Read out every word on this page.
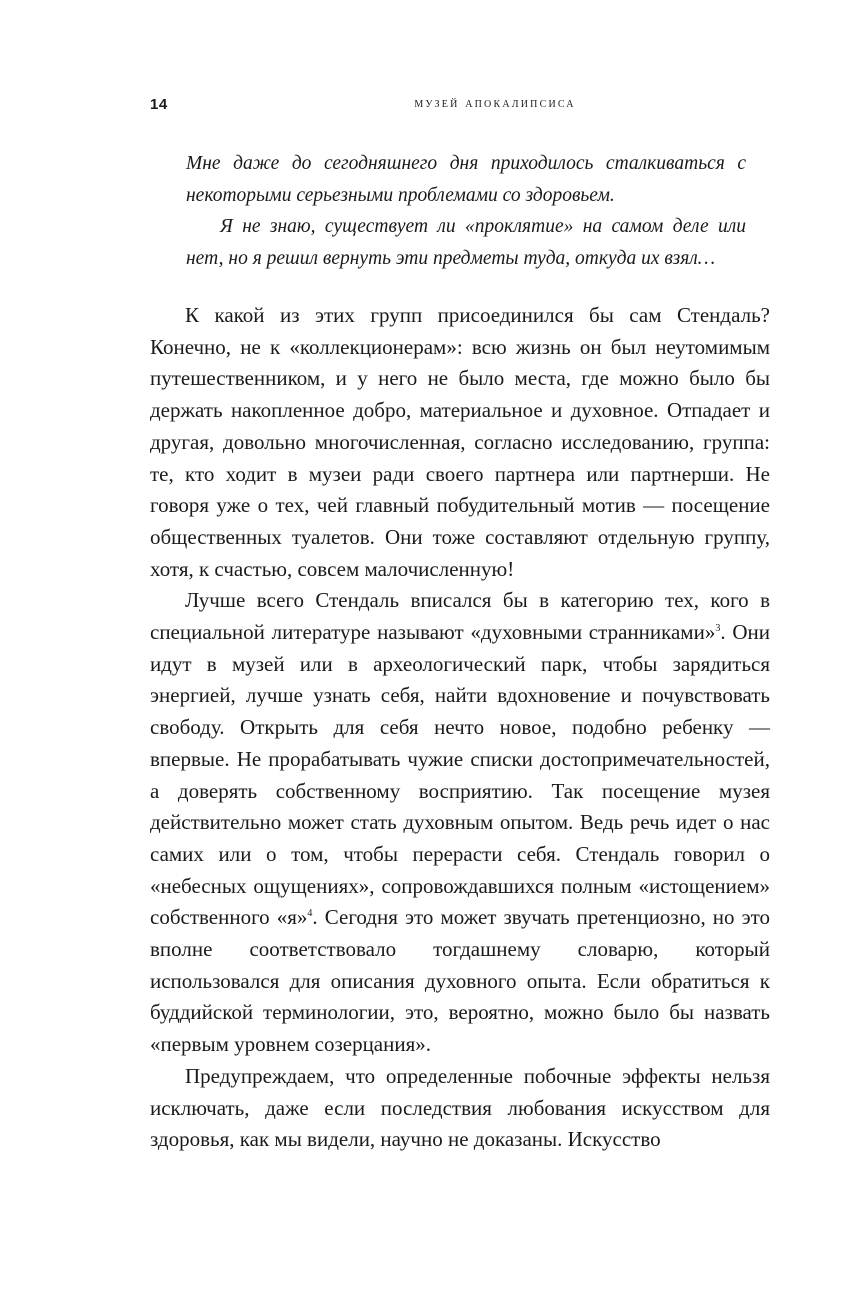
14	музей апокалипсиса

Мне даже до сегодняшнего дня приходилось сталкиваться с некоторыми серьезными проблемами со здоровьем.

Я не знаю, существует ли «проклятие» на самом деле или нет, но я решил вернуть эти предметы туда, откуда их взял…

К какой из этих групп присоединился бы сам Стендаль? Конечно, не к «коллекционерам»: всю жизнь он был неутомимым путешественником, и у него не было места, где можно было бы держать накопленное добро, материальное и духовное. Отпадает и другая, довольно многочисленная, согласно исследованию, группа: те, кто ходит в музеи ради своего партнера или партнерши. Не говоря уже о тех, чей главный побудительный мотив — посещение общественных туалетов. Они тоже составляют отдельную группу, хотя, к счастью, совсем малочисленную!

Лучше всего Стендаль вписался бы в категорию тех, кого в специальной литературе называют «духовными странниками»$^3$. Они идут в музей или в археологический парк, чтобы зарядиться энергией, лучше узнать себя, найти вдохновение и почувствовать свободу. Открыть для себя нечто новое, подобно ребенку — впервые. Не прорабатывать чужие списки достопримечательностей, а доверять собственному восприятию. Так посещение музея действительно может стать духовным опытом. Ведь речь идет о нас самих или о том, чтобы перерасти себя. Стендаль говорил о «небесных ощущениях», сопровождавшихся полным «истощением» собственного «я»$^4$. Сегодня это может звучать претенциозно, но это вполне соответствовало тогдашнему словарю, который использовался для описания духовного опыта. Если обратиться к буддийской терминологии, это, вероятно, можно было бы назвать «первым уровнем созерцания».

Предупреждаем, что определенные побочные эффекты нельзя исключать, даже если последствия любования искусством для здоровья, как мы видели, научно не доказаны. Искусство
